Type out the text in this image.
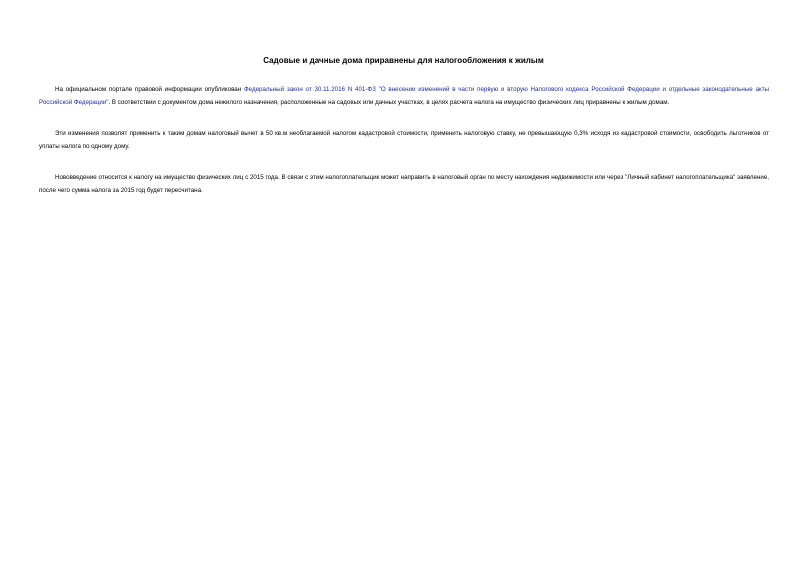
Садовые и дачные дома приравнены для налогообложения к жилым

На официальном портале правовой информации опубликован Федеральный закон от 30.11.2016 N 401-ФЗ "О внесении изменений в части первую и вторую Налогового кодекса Российской Федерации и отдельные законодательные акты Российской Федерации". В соответствии с документом дома нежилого назначения, расположенные на садовых или дачных участках, в целях расчета налога на имущество физических лиц приравнены к жилым домам.

Эти изменения позволят применить к таким домам налоговый вычет в 50 кв.м необлагаемой налогом кадастровой стоимости, применить налоговую ставку, не превышающую 0,3% исходя из кадастровой стоимости, освободить льготников от уплаты налога по одному дому.

Нововведение относится к налогу на имущество физических лиц с 2015 года. В связи с этим налогоплательщик может направить в налоговый орган по месту нахождения недвижимости или через "Личный кабинет налогоплательщика" заявление, после чего сумма налога за 2015 год будет пересчитана.
